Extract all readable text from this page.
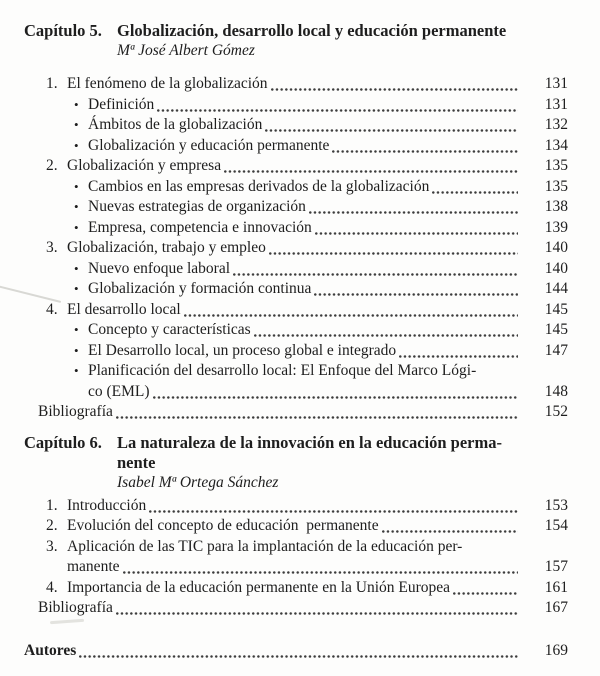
Capítulo 5. Globalización, desarrollo local y educación permanente
Mª José Albert Gómez
1. El fenómeno de la globalización	131
• Definición	131
• Ámbitos de la globalización	132
• Globalización y educación permanente	134
2. Globalización y empresa	135
• Cambios en las empresas derivados de la globalización	135
• Nuevas estrategias de organización	138
• Empresa, competencia e innovación	139
3. Globalización, trabajo y empleo	140
• Nuevo enfoque laboral	140
• Globalización y formación continua	144
4. El desarrollo local	145
• Concepto y características	145
• El Desarrollo local, un proceso global e integrado	147
• Planificación del desarrollo local: El Enfoque del Marco Lógi-
co (EML)	148
Bibliografía	152
Capítulo 6. La naturaleza de la innovación en la educación perma-
nente
Isabel Mª Ortega Sánchez
1. Introducción	153
2. Evolución del concepto de educación  permanente	154
3. Aplicación de las TIC para la implantación de la educación per-
manente	157
4. Importancia de la educación permanente en la Unión Europea	161
Bibliografía	167
Autores	169
